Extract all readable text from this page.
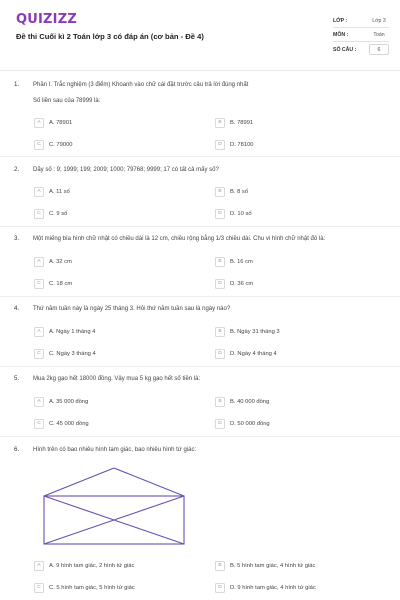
QUIZIZZ
Đề thi Cuối kì 2 Toán lớp 3 có đáp án (cơ bản - Đề 4)
LỚP :	Lớp 3
MÔN :	Toán
SỐ CÂU :	6
1. Phần I. Trắc nghiệm (3 điểm) Khoanh vào chữ cái đặt trước câu trả lời đúng nhất
Số liền sau của 78999 là:
A	A. 78901	B	B. 78991
C	C. 79000	D	D. 78100
2. Dãy số : 9; 1999; 199; 2009; 1000; 79768; 9999; 17 có tất cả mấy số?
A	A. 11 số	B	B. 8 số
C	C. 9 số	D	D. 10 số
3. Một miếng bìa hình chữ nhật có chiều dài là 12 cm, chiều rộng bằng 1/3 chiều dài. Chu vi hình chữ nhật đó là:
A	A. 32 cm	B	B. 16 cm
C	C. 18 cm	D	D. 36 cm
4. Thứ năm tuần này là ngày 25 tháng 3. Hỏi thứ năm tuần sau là ngày nào?
A	A. Ngày 1 tháng 4	B	B. Ngày 31 tháng 3
C	C. Ngày 3 tháng 4	D	D. Ngày 4 tháng 4
5. Mua 2kg gạo hết 18000 đồng. Vậy mua 5 kg gạo hết số tiền là:
A	A. 35 000 đồng	B	B. 40 000 đồng
C	C. 45 000 đồng	D	D. 50 000 đồng
6. Hình trên có bao nhiêu hình tam giác, bao nhiêu hình tứ giác:
A	A. 9 hình tam giác, 2 hình tứ giác	B	B. 5 hình tam giác, 4 hình tứ giác
C	C. 5 hình tam giác, 5 hình tứ giác	D	D. 9 hình tam giác, 4 hình tứ giác
